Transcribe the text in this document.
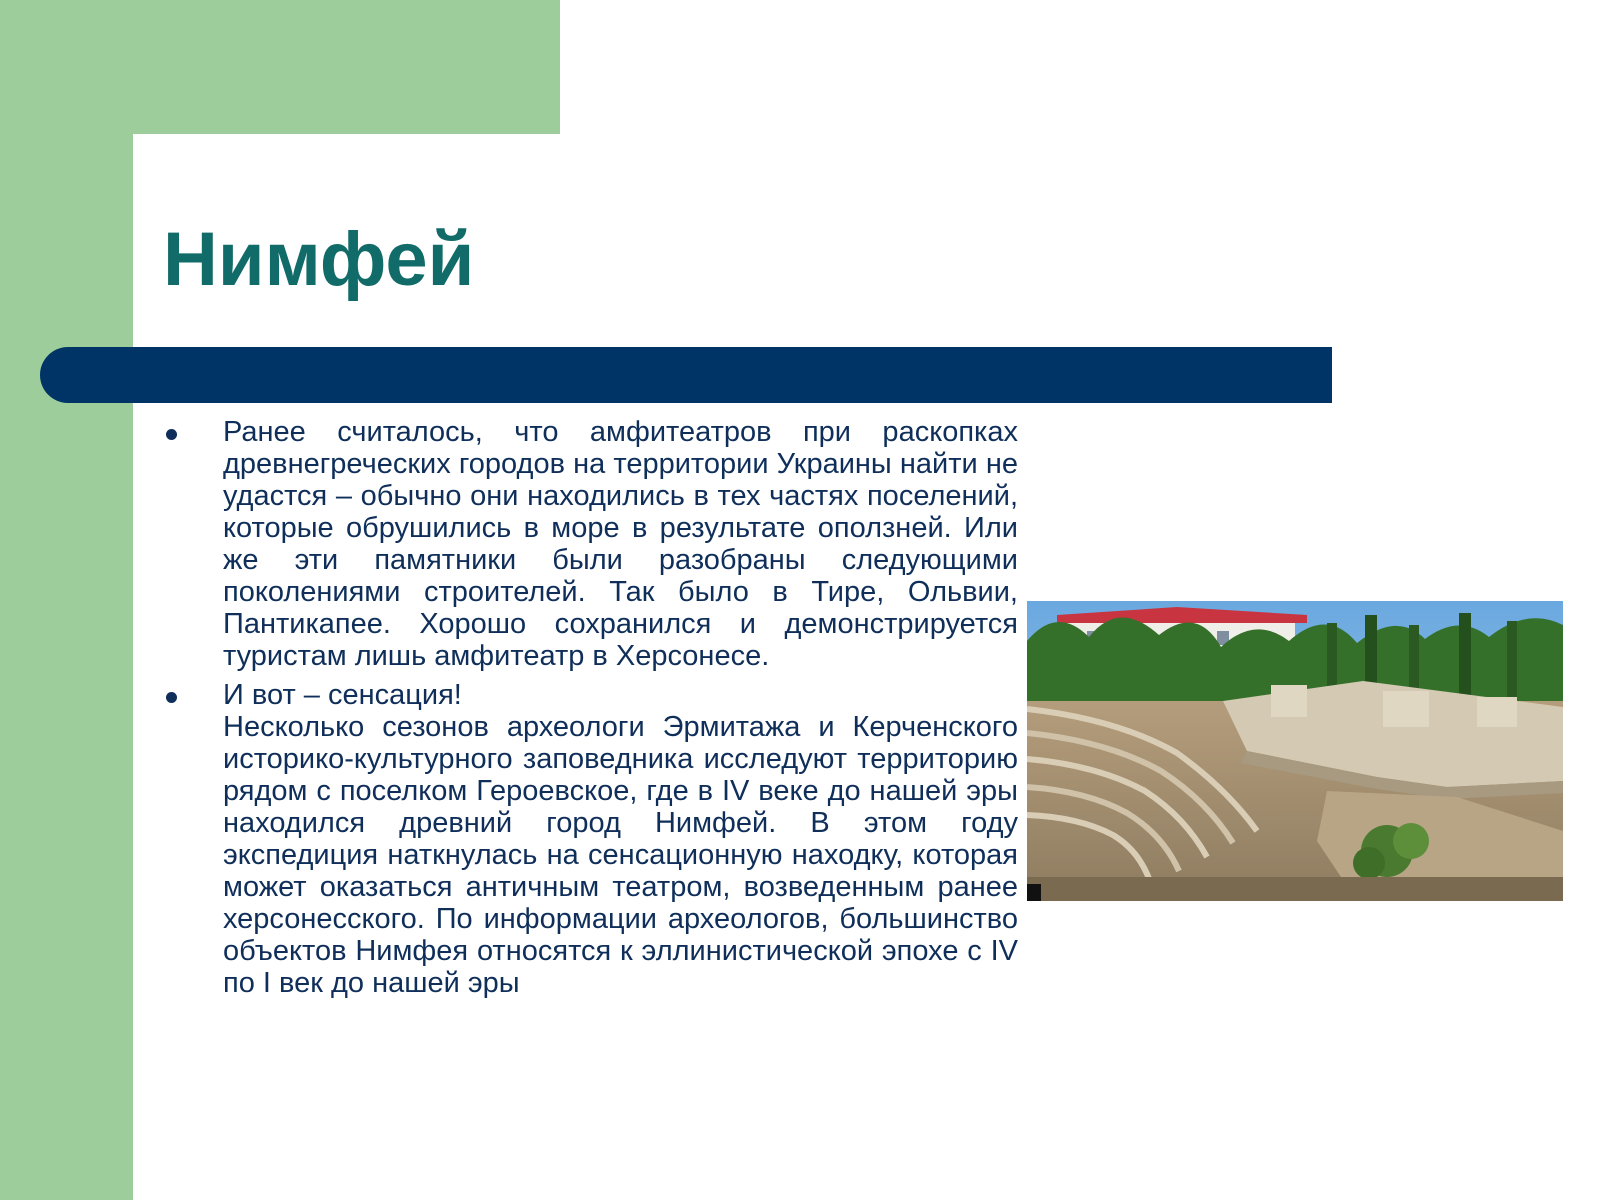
Нимфей
Ранее считалось, что амфитеатров при раскопках древнегреческих городов на территории Украины найти не удастся – обычно они находились в тех частях поселений, которые обрушились в море в результате оползней. Или же эти памятники были разобраны следующими поколениями строителей. Так было в Тире, Ольвии, Пантикапее. Хорошо сохранился и демонстрируется туристам лишь амфитеатр в Херсонесе.
И вот – сенсация!
Несколько сезонов археологи Эрмитажа и Керченского историко-культурного заповедника исследуют территорию рядом с поселком Героевское, где в IV веке до нашей эры находился древний город Нимфей. В этом году экспедиция наткнулась на сенсационную находку, которая может оказаться античным театром, возведенным ранее херсонесского. По информации археологов, большинство объектов Нимфея относятся к эллинистической эпохе с IV по I век до нашей эры
